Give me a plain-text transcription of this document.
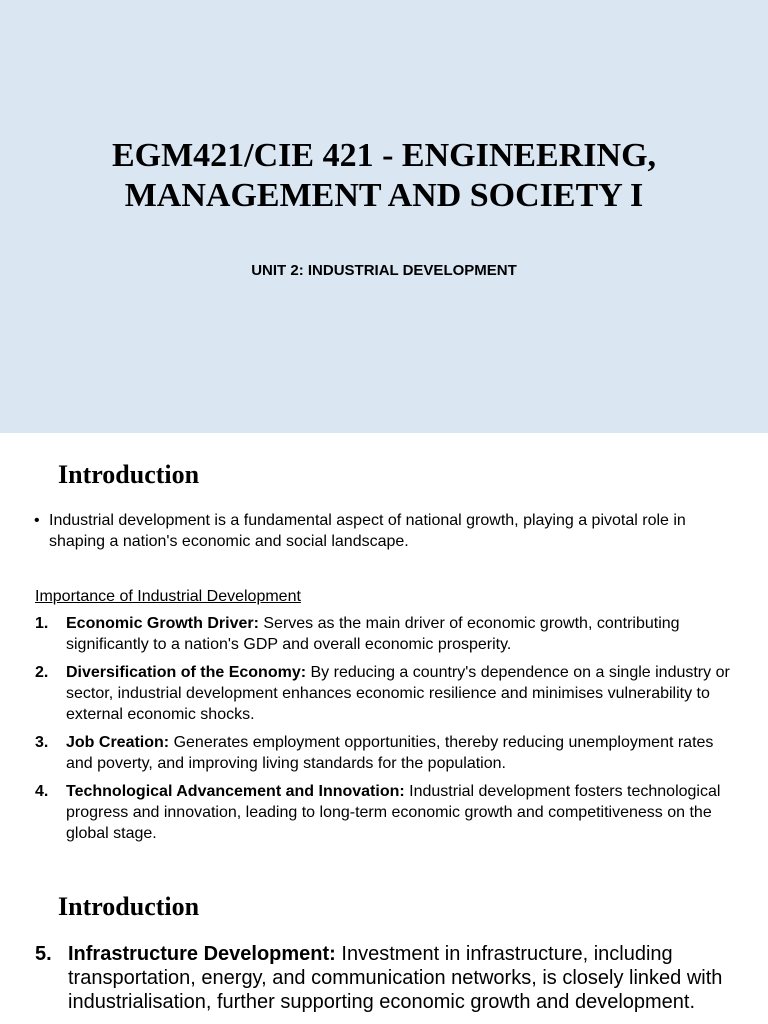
EGM421/CIE 421 - ENGINEERING,
MANAGEMENT AND SOCIETY I

UNIT 2: INDUSTRIAL DEVELOPMENT

Introduction
• Industrial development is a fundamental aspect of national growth, playing a pivotal role in shaping a nation's economic and social landscape.
Importance of Industrial Development
1.	Economic Growth Driver: Serves as the main driver of economic growth, contributing significantly to a nation's GDP and overall economic prosperity.
2.	Diversification of the Economy: By reducing a country's dependence on a single industry or sector, industrial development enhances economic resilience and minimises vulnerability to external economic shocks.
3.	Job Creation: Generates employment opportunities, thereby reducing unemployment rates and poverty, and improving living standards for the population.
4.	Technological Advancement and Innovation: Industrial development fosters technological progress and innovation, leading to long-term economic growth and competitiveness on the global stage.
Introduction
5. Infrastructure Development: Investment in infrastructure, including transportation, energy, and communication networks, is closely linked with industrialisation, further supporting economic growth and development.
